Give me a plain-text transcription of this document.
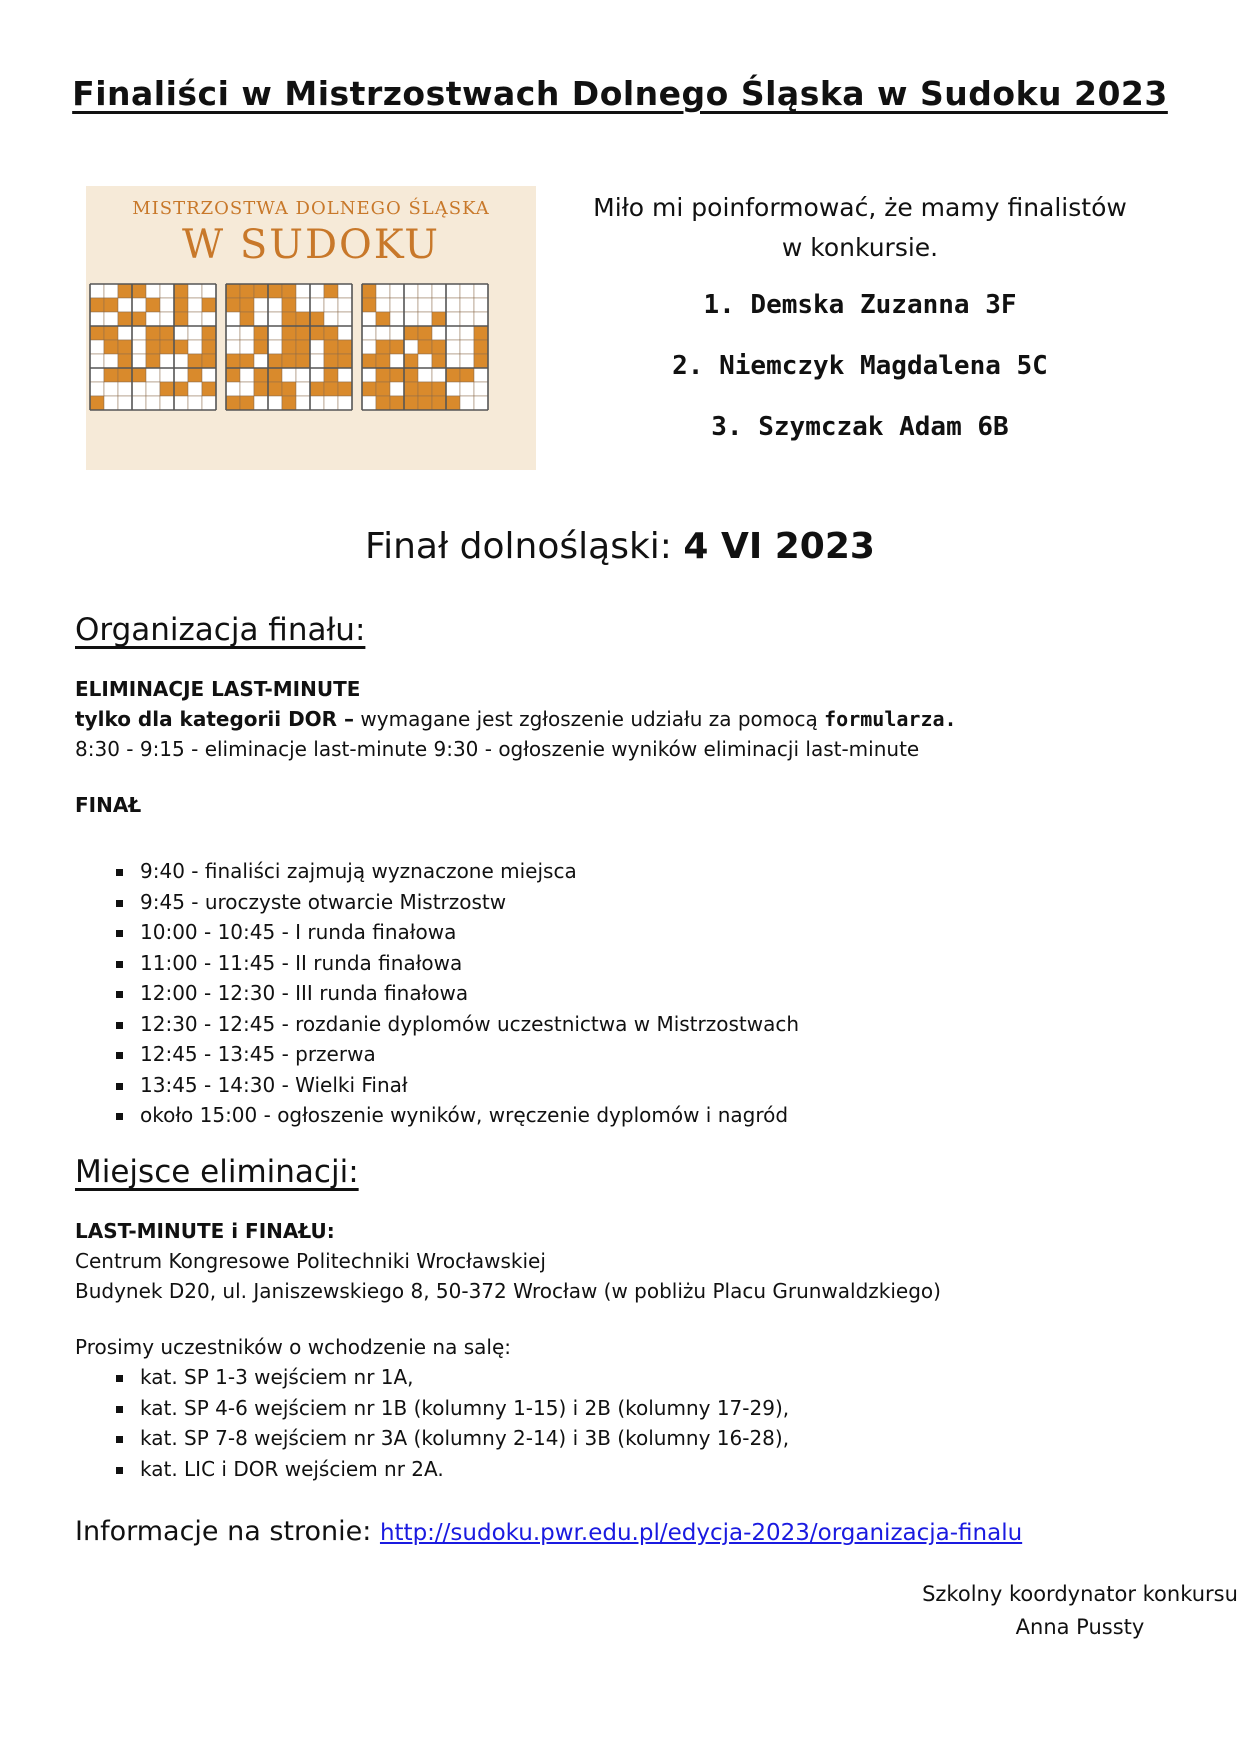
Finaliści w Mistrzostwach Dolnego Śląska w Sudoku 2023
MISTRZOSTWA DOLNEGO ŚLĄSKA
W SUDOKU
Miło mi poinformować, że mamy finalistów
w konkursie.
1. Demska Zuzanna 3F
2. Niemczyk Magdalena 5C
3. Szymczak Adam 6B
Finał dolnośląski: 4 VI 2023
Organizacja finału:
ELIMINACJE LAST-MINUTE
tylko dla kategorii DOR – wymagane jest zgłoszenie udziału za pomocą formularza.
8:30 - 9:15 - eliminacje last-minute 9:30 - ogłoszenie wyników eliminacji last-minute
FINAŁ
9:40 - finaliści zajmują wyznaczone miejsca
9:45 - uroczyste otwarcie Mistrzostw
10:00 - 10:45 - I runda finałowa
11:00 - 11:45 - II runda finałowa
12:00 - 12:30 - III runda finałowa
12:30 - 12:45 - rozdanie dyplomów uczestnictwa w Mistrzostwach
12:45 - 13:45 - przerwa
13:45 - 14:30 - Wielki Finał
około 15:00 - ogłoszenie wyników, wręczenie dyplomów i nagród
Miejsce eliminacji:
LAST-MINUTE i FINAŁU:
Centrum Kongresowe Politechniki Wrocławskiej
Budynek D20, ul. Janiszewskiego 8, 50-372 Wrocław (w pobliżu Placu Grunwaldzkiego)
Prosimy uczestników o wchodzenie na salę:
kat. SP 1-3 wejściem nr 1A,
kat. SP 4-6 wejściem nr 1B (kolumny 1-15) i 2B (kolumny 17-29),
kat. SP 7-8 wejściem nr 3A (kolumny 2-14) i 3B (kolumny 16-28),
kat. LIC i DOR wejściem nr 2A.
Informacje na stronie: http://sudoku.pwr.edu.pl/edycja-2023/organizacja-finalu
Szkolny koordynator konkursu
Anna Pussty
